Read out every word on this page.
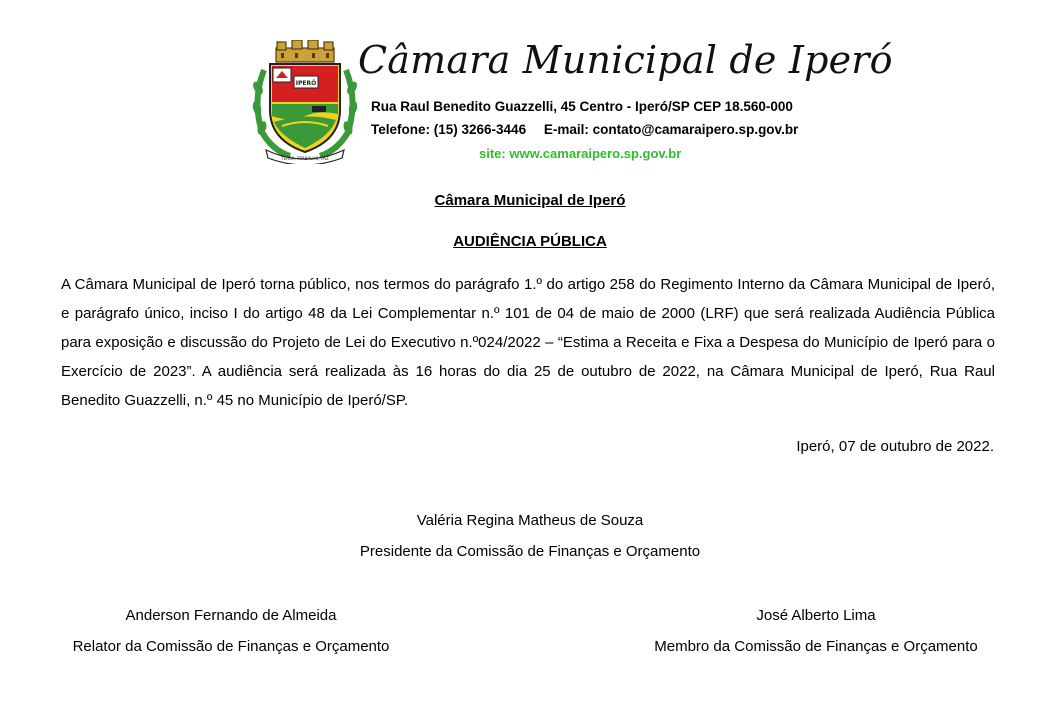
IPERÓ
TERRA, TRABALHO, PAZ
Câmara Municipal de Iperó
Rua Raul Benedito Guazzelli, 45 Centro - Iperó/SP CEP 18.560-000
Telefone: (15) 3266-3446 E-mail: contato@camaraipero.sp.gov.br
site: www.camaraipero.sp.gov.br
Câmara Municipal de Iperó
AUDIÊNCIA PÚBLICA
A Câmara Municipal de Iperó torna público, nos termos do parágrafo 1.º do artigo 258 do Regimento Interno da Câmara Municipal de Iperó, e parágrafo único, inciso I do artigo 48 da Lei Complementar n.º 101 de 04 de maio de 2000 (LRF) que será realizada Audiência Pública para exposição e discussão do Projeto de Lei do Executivo n.º024/2022 – “Estima a Receita e Fixa a Despesa do Município de Iperó para o Exercício de 2023”. A audiência será realizada às 16 horas do dia 25 de outubro de 2022, na Câmara Municipal de Iperó, Rua Raul Benedito Guazzelli, n.º 45 no Município de Iperó/SP.
Iperó, 07 de outubro de 2022.
Valéria Regina Matheus de Souza
Presidente da Comissão de Finanças e Orçamento
Anderson Fernando de Almeida
Relator da Comissão de Finanças e Orçamento
José Alberto Lima
Membro da Comissão de Finanças e Orçamento
